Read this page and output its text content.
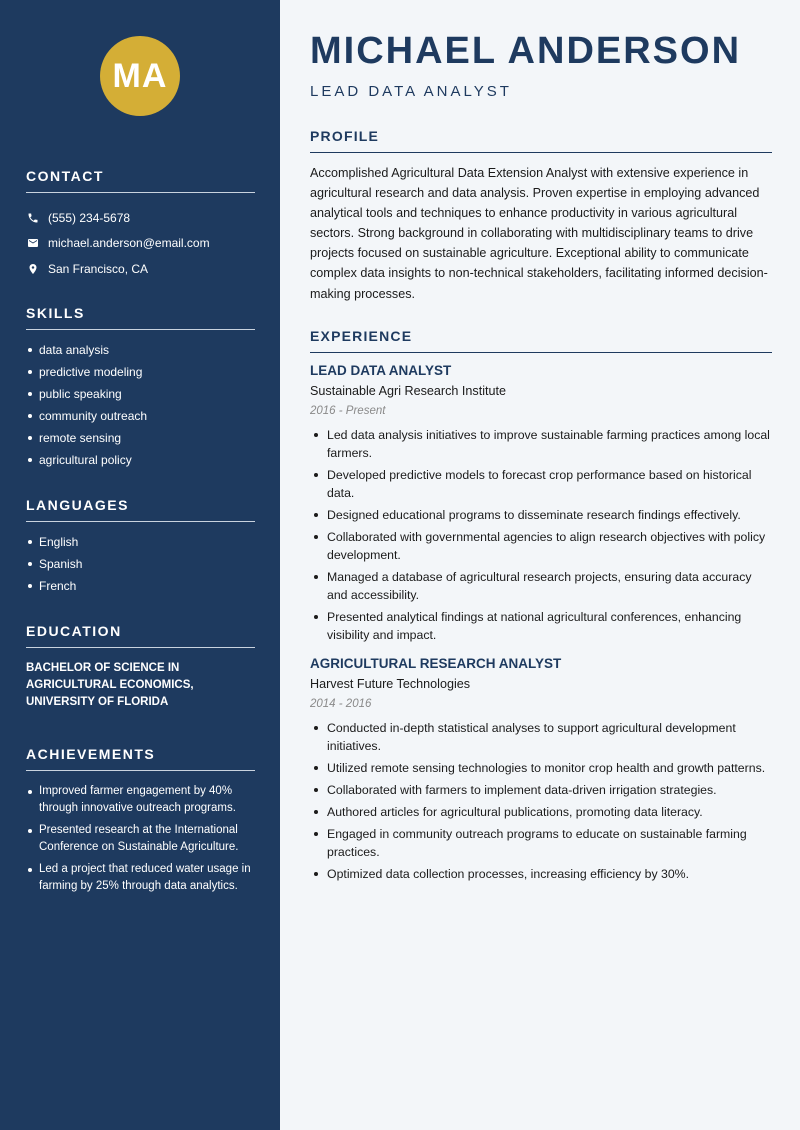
MA
CONTACT
(555) 234-5678
michael.anderson@email.com
San Francisco, CA
SKILLS
data analysis
predictive modeling
public speaking
community outreach
remote sensing
agricultural policy
LANGUAGES
English
Spanish
French
EDUCATION

BACHELOR OF SCIENCE IN AGRICULTURAL ECONOMICS, UNIVERSITY OF FLORIDA

ACHIEVEMENTS
Improved farmer engagement by 40% through innovative outreach programs.
Presented research at the International Conference on Sustainable Agriculture.
Led a project that reduced water usage in farming by 25% through data analytics.
MICHAEL ANDERSON
LEAD DATA ANALYST
PROFILE

Accomplished Agricultural Data Extension Analyst with extensive experience in agricultural research and data analysis. Proven expertise in employing advanced analytical tools and techniques to enhance productivity in various agricultural sectors. Strong background in collaborating with multidisciplinary teams to drive projects focused on sustainable agriculture. Exceptional ability to communicate complex data insights to non-technical stakeholders, facilitating informed decision-making processes.

EXPERIENCE
LEAD DATA ANALYST
Sustainable Agri Research Institute
2016 - Present
Led data analysis initiatives to improve sustainable farming practices among local farmers.
Developed predictive models to forecast crop performance based on historical data.
Designed educational programs to disseminate research findings effectively.
Collaborated with governmental agencies to align research objectives with policy development.
Managed a database of agricultural research projects, ensuring data accuracy and accessibility.
Presented analytical findings at national agricultural conferences, enhancing visibility and impact.
AGRICULTURAL RESEARCH ANALYST
Harvest Future Technologies
2014 - 2016
Conducted in-depth statistical analyses to support agricultural development initiatives.
Utilized remote sensing technologies to monitor crop health and growth patterns.
Collaborated with farmers to implement data-driven irrigation strategies.
Authored articles for agricultural publications, promoting data literacy.
Engaged in community outreach programs to educate on sustainable farming practices.
Optimized data collection processes, increasing efficiency by 30%.
